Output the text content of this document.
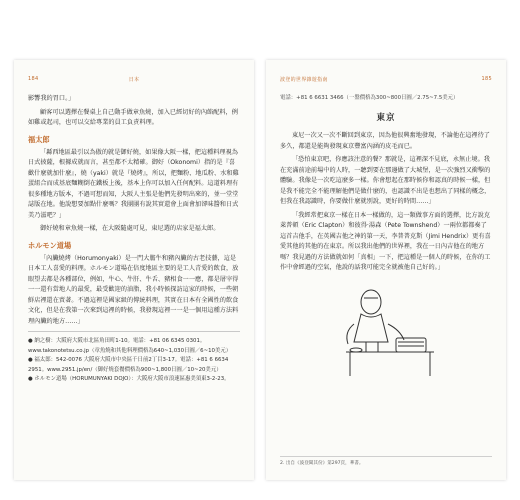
184	日本

影響我的胃口。」

顧客可以選擇在餐桌上自己動手做章魚燒，加入已經切好的內餡配料，例如雞或起司，也可以交給專業的員工負責料理。

福太郎

「縣西地區最引以為傲的就是御好燒，如果像大阪一樣，把這種料理視為日式披薩，根據成就而言，甚至都不太精確。御好（Okonomi）指的是『喜歡什麼就加什麼』，燒（yaki）就是『燒烤』，所以，把麵粉、地瓜粉、水和雞蛋組合而成基底麵糊倒在鐵板上後，基本上你可以加入任何配料。這道料理有很多種地方版本，不過可想而知，大阪人主張是他們先發明出來的，並一堂堂誌版在地。他說想要加點什麼嗎？我團團有說其實還會上面會加卻味醬和日式美乃滋吧？」

御好燒和章魚燒一樣，在大阪隨處可見，東尼選的店家是福太郎。

ホルモン道場

「內臟燒烤（Horumonyaki）是一門大膽牛和豬內臟的古老技藝，這是日本工人喜愛的料理。ホルモン道場在倍度地區主要的是工人青愛的飲食，放眼望去都是各種部位，例如，牛心、牛肝、牛舌、豬相食一一應，都是屠宰得一一還有當地人的最愛，最受歡迎的油脂，我小時候探訪這家的時候，一些朝鮮店裡還在賣著。不過這裡是國家級的傳統料理，其實在日本有全國性的飲食文化，但是在我第一次來到這裡的時候，我發現這裡一一是一個用這種方法料理內臟的地方……」

● 納之樹：大阪府大阪市北區角田町1-10。電話：+81 06 6345 0301。www.takonotetsu.co.jp（章魚燒和其他料理價格為640~1,030日圓／6~10美元）
● 福太郎：542-0076 大阪府大阪市中央區千日前2丁目3-17。電話：+81 6 6634 2951。www.2951.jp/en/（御好燒套餐價格為900~1,800日圓／10~20美元）
● ホルモン道場（HORUMUNYAKI DOJO）：大阪府大阪市浪速區惠美須東3-2-23。
波登的世界雜遊指南	185
電話：+81 6 6631 3466（一盤價格為300~800日圓／2.75~7.5美元）
東京

東尼一次又一次不斷回到東京，因為他很興奮地發現，不論他在這裡待了多久，都還是能夠發現東京豐富內涵的皮毛而已。

「恐怕東京吧，你應該注意的餐？那就是，這裡深不見底，永無止境。我在充滿前途前場中的人時，一聽到要在那邊做了大城堡，是一次強烈又衝擊的體驗。我像是一次吃這麼多一樣。你會想起在那時候你和認真的時候一樣，但是我不能完全不能理解他們是做什麼的，也認識不出是也想出了同樣的概念，但我在我認識時，你要做什麼就別說，更好的時間……」

「我經常把東京一樣在日本一樣做的，這一類做事方面的選擇，比方說克萊普頓（Eric Clapton）和彼得·湯森（Pete Townshend）一兩位都都奏了這首吉他手，在英國吉他之神的第一天，李普普克斯（Jimi Hendrix）更有喜愛其他的其他的在東京。所以我出他們的世界裡，我在一日內吉他在的地方嗎？我見過的方法做就如何「真相」一下，把這種是一個人的時候，在你的工作中會經過的空氣，他說的話我可能完全就被他自己好的。」

2. 出自《波登聞其份》第297頁，華書。
